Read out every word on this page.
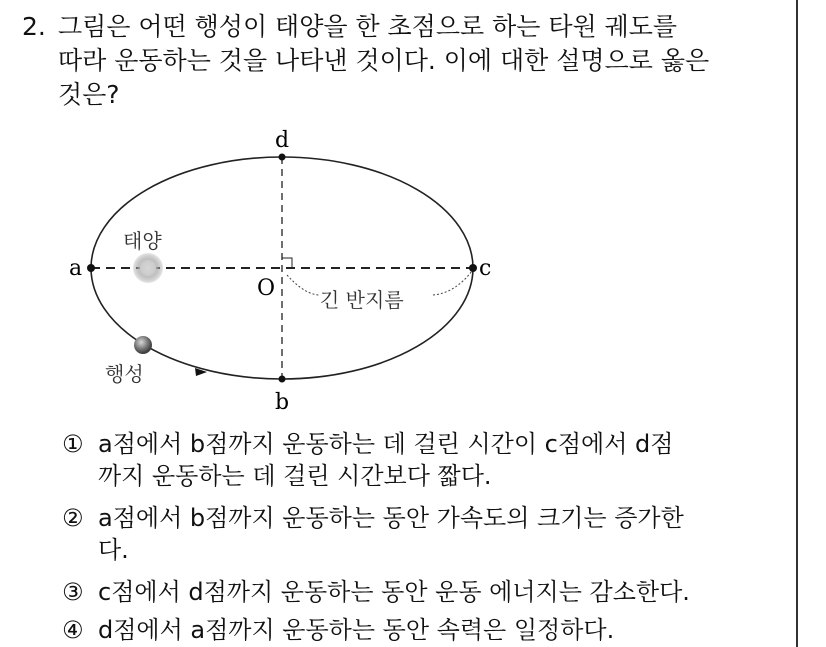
2. 그림은 어떤 행성이 태양을 한 초점으로 하는 타원 궤도를
따라 운동하는 것을 나타낸 것이다. 이에 대한 설명으로 옳은
것은?
a	c
d
b
O
태양
행성
긴 반지름
① a점에서 b점까지 운동하는 데 걸린 시간이 c점에서 d점
까지 운동하는 데 걸린 시간보다 짧다.
② a점에서 b점까지 운동하는 동안 가속도의 크기는 증가한
다.
③ c점에서 d점까지 운동하는 동안 운동 에너지는 감소한다.
④ d점에서 a점까지 운동하는 동안 속력은 일정하다.
